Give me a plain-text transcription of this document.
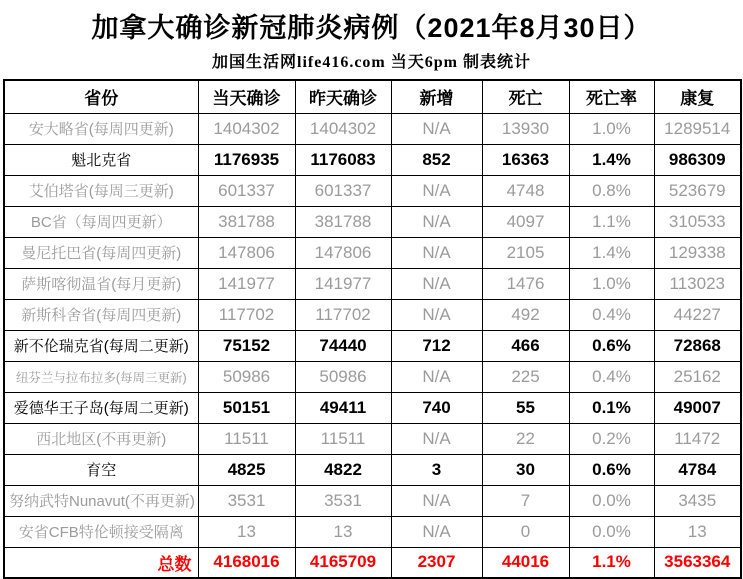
加拿大确诊新冠肺炎病例（2021年8月30日）
加国生活网life416.com 当天6pm 制表统计
省份	当天确诊	昨天确诊	新增	死亡	死亡率	康复
安大略省(每周四更新)	1404302	1404302	N/A	13930	1.0%	1289514
魁北克省	1176935	1176083	852	16363	1.4%	986309
艾伯塔省(每周三更新)	601337	601337	N/A	4748	0.8%	523679
BC省（每周四更新）	381788	381788	N/A	4097	1.1%	310533
曼尼托巴省(每周四更新)	147806	147806	N/A	2105	1.4%	129338
萨斯喀彻温省(每月更新)	141977	141977	N/A	1476	1.0%	113023
新斯科舍省(每周四更新)	117702	117702	N/A	492	0.4%	44227
新不伦瑞克省(每周二更新)	75152	74440	712	466	0.6%	72868
纽芬兰与拉布拉多(每周三更新)	50986	50986	N/A	225	0.4%	25162
爱德华王子岛(每周二更新)	50151	49411	740	55	0.1%	49007
西北地区(不再更新)	11511	11511	N/A	22	0.2%	11472
育空	4825	4822	3	30	0.6%	4784
努纳武特Nunavut(不再更新)	3531	3531	N/A	7	0.0%	3435
安省CFB特伦顿接受隔离	13	13	N/A	0	0.0%	13
总数	4168016	4165709	2307	44016	1.1%	3563364
